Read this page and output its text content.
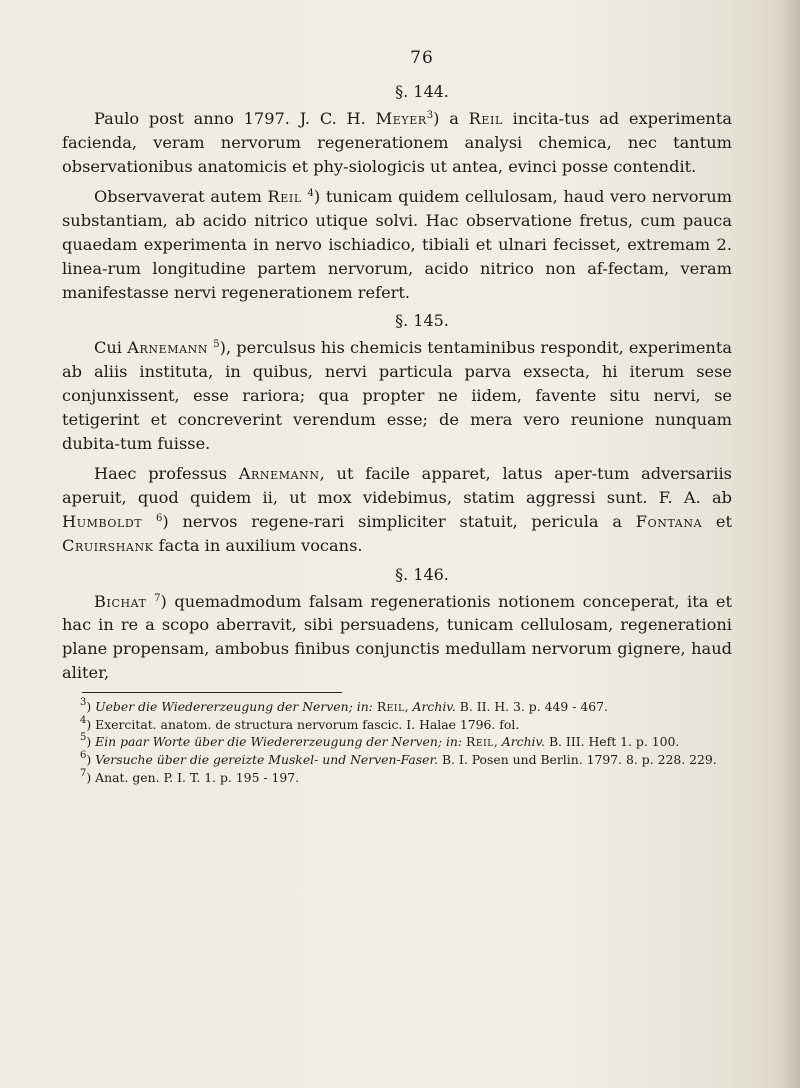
76
§. 144.
Paulo post anno 1797. J. C. H. Meyer$^3$) a Reil incita-tus ad experimenta facienda, veram nervorum regenerationem analysi chemica, nec tantum observationibus anatomicis et phy-siologicis ut antea, evinci posse contendit.
Observaverat autem Reil $^4$) tunicam quidem cellulosam, haud vero nervorum substantiam, ab acido nitrico utique solvi. Hac observatione fretus, cum pauca quaedam experimenta in nervo ischiadico, tibiali et ulnari fecisset, extremam 2. linea-rum longitudine partem nervorum, acido nitrico non af-fectam, veram manifestasse nervi regenerationem refert.
§. 145.
Cui Arnemann $^5$), perculsus his chemicis tentaminibus respondit, experimenta ab aliis instituta, in quibus, nervi particula parva exsecta, hi iterum sese conjunxissent, esse rariora; qua propter ne iidem, favente situ nervi, se tetigerint et concreverint verendum esse; de mera vero reunione nunquam dubita-tum fuisse.
Haec professus Arnemann, ut facile apparet, latus aper-tum adversariis aperuit, quod quidem ii, ut mox videbimus, statim aggressi sunt. F. A. ab Humboldt $^6$) nervos regene-rari simpliciter statuit, pericula a Fontana et Cruirshank facta in auxilium vocans.
§. 146.
Bichat $^7$) quemadmodum falsam regenerationis notionem conceperat, ita et hac in re a scopo aberravit, sibi persuadens, tunicam cellulosam, regenerationi plane propensam, ambobus finibus conjunctis medullam nervorum gignere, haud aliter,
$^3$) Ueber die Wiedererzeugung der Nerven; in: Reil, Archiv. B. II. H. 3. p. 449 - 467.
$^4$) Exercitat. anatom. de structura nervorum fascic. I. Halae 1796. fol.
$^5$) Ein paar Worte über die Wiedererzeugung der Nerven; in: Reil, Archiv. B. III. Heft 1. p. 100.
$^6$) Versuche über die gereizte Muskel- und Nerven-Faser. B. I. Posen und Berlin. 1797. 8. p. 228. 229.
$^7$) Anat. gen. P. I. T. 1. p. 195 - 197.
